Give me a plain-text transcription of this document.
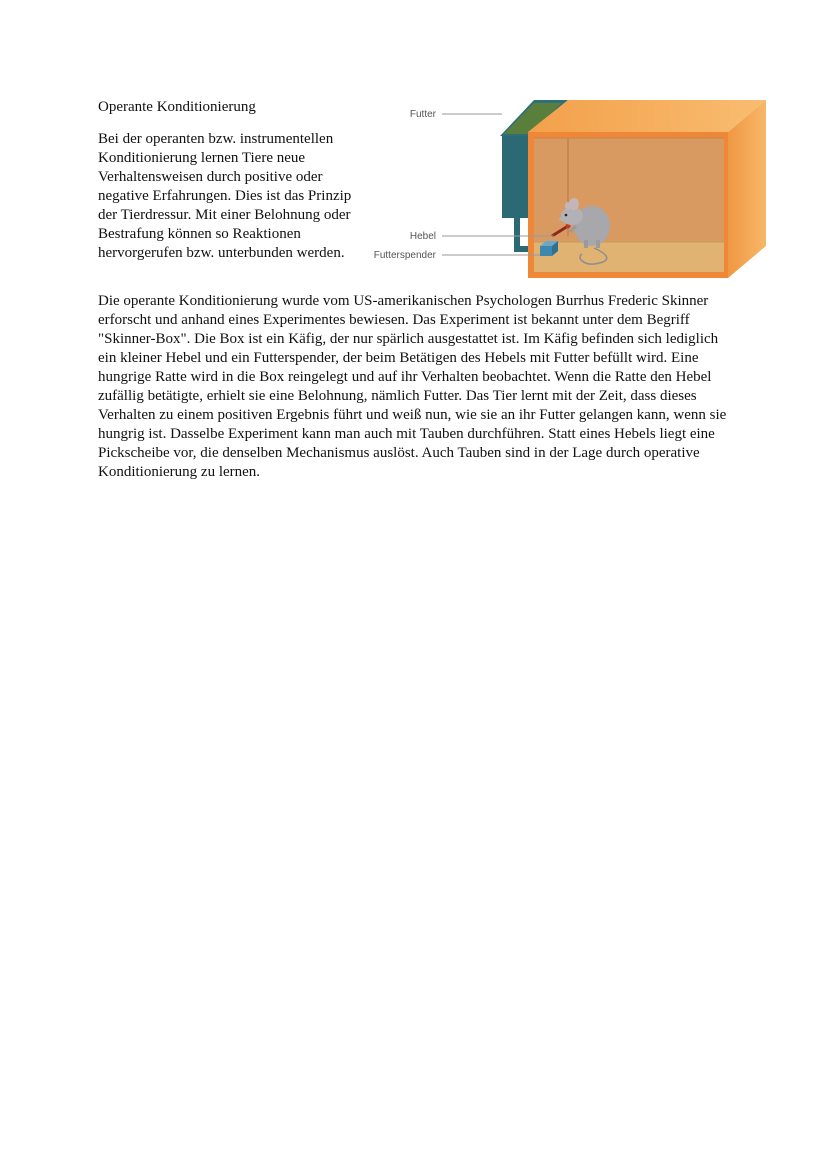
Operante Konditionierung

Bei der operanten bzw. instrumentellen Konditionierung lernen Tiere neue Verhaltensweisen durch positive oder negative Erfahrungen. Dies ist das Prinzip der Tierdressur. Mit einer Belohnung oder Bestrafung können so Reaktionen hervorgerufen bzw. unterbunden werden.

Futter
Hebel
Futterspender

Die operante Konditionierung wurde vom US-amerikanischen Psychologen Burrhus Frederic Skinner erforscht und anhand eines Experimentes bewiesen. Das Experiment ist bekannt unter dem Begriff "Skinner-Box". Die Box ist ein Käfig, der nur spärlich ausgestattet ist. Im Käfig befinden sich lediglich ein kleiner Hebel und ein Futterspender, der beim Betätigen des Hebels mit Futter befüllt wird. Eine hungrige Ratte wird in die Box reingelegt und auf ihr Verhalten beobachtet. Wenn die Ratte den Hebel zufällig betätigte, erhielt sie eine Belohnung, nämlich Futter. Das Tier lernt mit der Zeit, dass dieses Verhalten zu einem positiven Ergebnis führt und weiß nun, wie sie an ihr Futter gelangen kann, wenn sie hungrig ist. Dasselbe Experiment kann man auch mit Tauben durchführen. Statt eines Hebels liegt eine Pickscheibe vor, die denselben Mechanismus auslöst. Auch Tauben sind in der Lage durch operative Konditionierung zu lernen.
